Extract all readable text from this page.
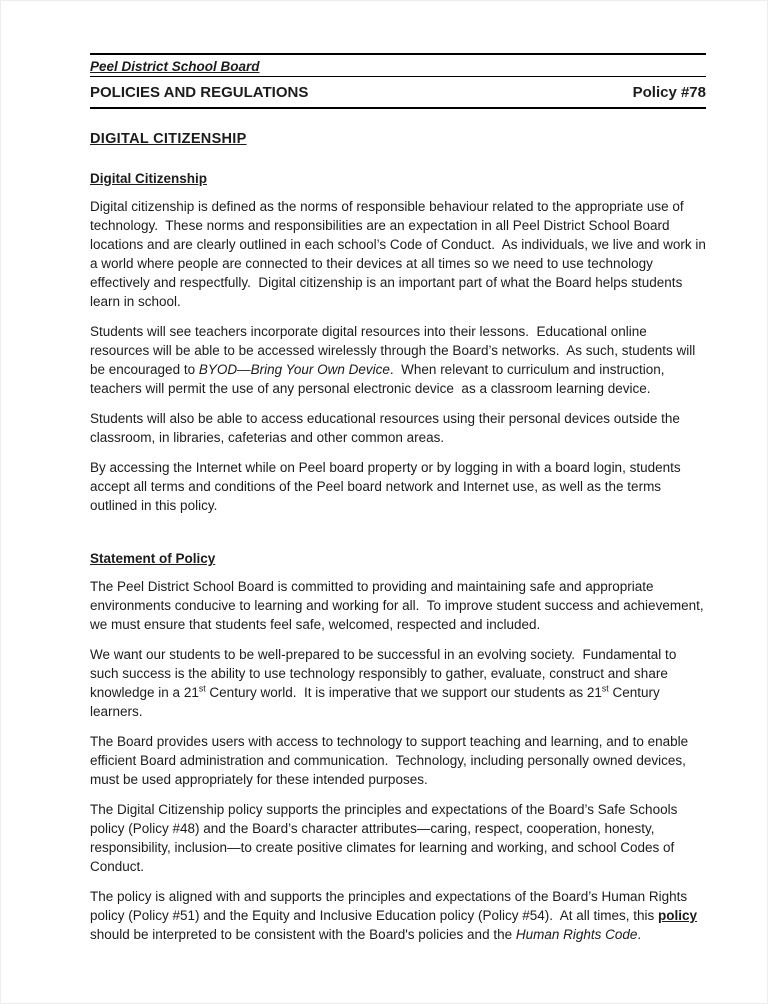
Peel District School Board
POLICIES AND REGULATIONS	Policy #78
DIGITAL CITIZENSHIP
Digital Citizenship

Digital citizenship is defined as the norms of responsible behaviour related to the appropriate use of technology.  These norms and responsibilities are an expectation in all Peel District School Board locations and are clearly outlined in each school’s Code of Conduct.  As individuals, we live and work in a world where people are connected to their devices at all times so we need to use technology effectively and respectfully.  Digital citizenship is an important part of what the Board helps students learn in school.

Students will see teachers incorporate digital resources into their lessons.  Educational online resources will be able to be accessed wirelessly through the Board’s networks.  As such, students will be encouraged to BYOD—Bring Your Own Device.  When relevant to curriculum and instruction, teachers will permit the use of any personal electronic device  as a classroom learning device.

Students will also be able to access educational resources using their personal devices outside the classroom, in libraries, cafeterias and other common areas.

By accessing the Internet while on Peel board property or by logging in with a board login, students accept all terms and conditions of the Peel board network and Internet use, as well as the terms outlined in this policy.

Statement of Policy

The Peel District School Board is committed to providing and maintaining safe and appropriate environments conducive to learning and working for all.  To improve student success and achievement, we must ensure that students feel safe, welcomed, respected and included.

We want our students to be well-prepared to be successful in an evolving society.  Fundamental to such success is the ability to use technology responsibly to gather, evaluate, construct and share knowledge in a 21st Century world.  It is imperative that we support our students as 21st Century learners.

The Board provides users with access to technology to support teaching and learning, and to enable efficient Board administration and communication.  Technology, including personally owned devices, must be used appropriately for these intended purposes.

The Digital Citizenship policy supports the principles and expectations of the Board’s Safe Schools policy (Policy #48) and the Board’s character attributes—caring, respect, cooperation, honesty, responsibility, inclusion—to create positive climates for learning and working, and school Codes of Conduct.

The policy is aligned with and supports the principles and expectations of the Board’s Human Rights policy (Policy #51) and the Equity and Inclusive Education policy (Policy #54).  At all times, this policy should be interpreted to be consistent with the Board's policies and the Human Rights Code.
